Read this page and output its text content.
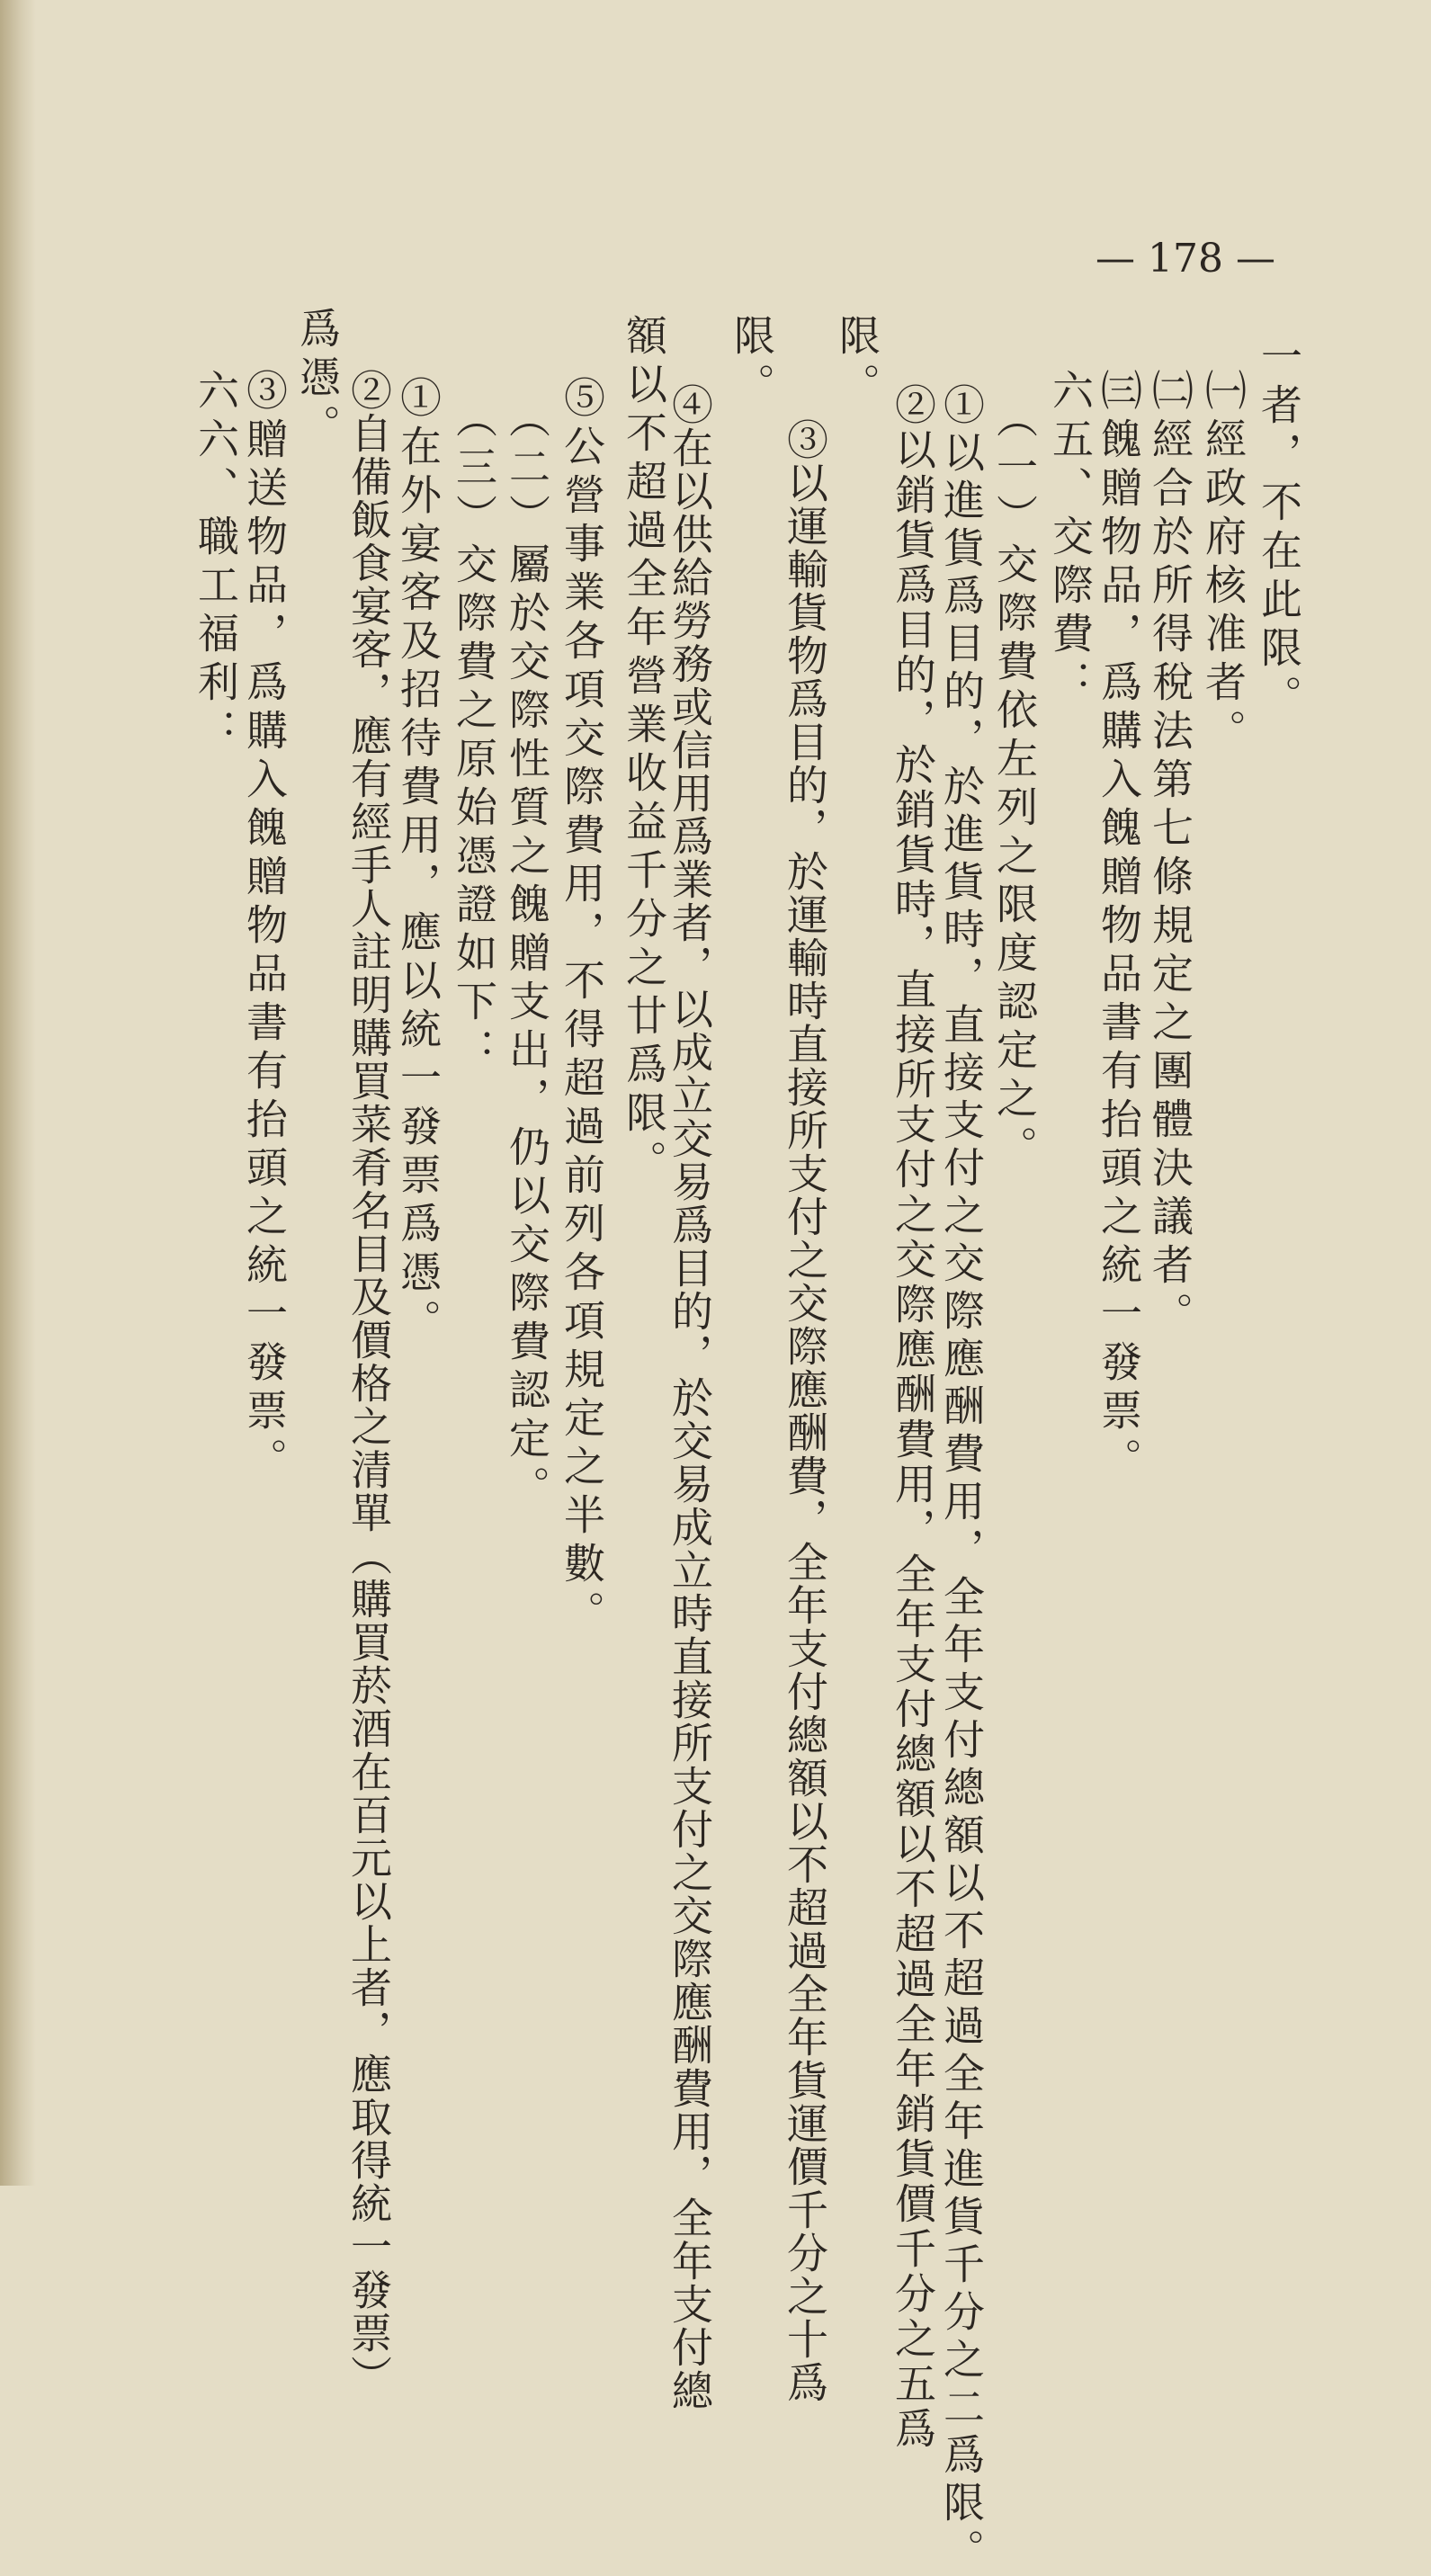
— 178 —
一者，不在此限。
㈠經政府核准者。
㈡經合於所得稅法第七條規定之團體決議者。
㈢餽贈物品，爲購入餽贈物品書有抬頭之統一發票。
六五、交際費：
（一）交際費依左列之限度認定之。
①以進貨爲目的，於進貨時，直接支付之交際應酬費用，全年支付總額以不超過全年進貨千分之二爲限。
②以銷貨爲目的，於銷貨時，直接所支付之交際應酬費用，全年支付總額以不超過全年銷貨價千分之五爲
限。
③以運輸貨物爲目的，於運輸時直接所支付之交際應酬費，全年支付總額以不超過全年貨運價千分之十爲
限。
④在以供給勞務或信用爲業者，以成立交易爲目的，於交易成立時直接所支付之交際應酬費用，全年支付總
額以不超過全年營業收益千分之廿爲限。
⑤公營事業各項交際費用，不得超過前列各項規定之半數。
（二）屬於交際性質之餽贈支出，仍以交際費認定。
（三）交際費之原始憑證如下：
①在外宴客及招待費用，應以統一發票爲憑。
②自備飯食宴客，應有經手人註明購買菜肴名目及價格之清單（購買菸酒在百元以上者，應取得統一發票）
爲憑。
③贈送物品，爲購入餽贈物品書有抬頭之統一發票。
六六、職工福利：
